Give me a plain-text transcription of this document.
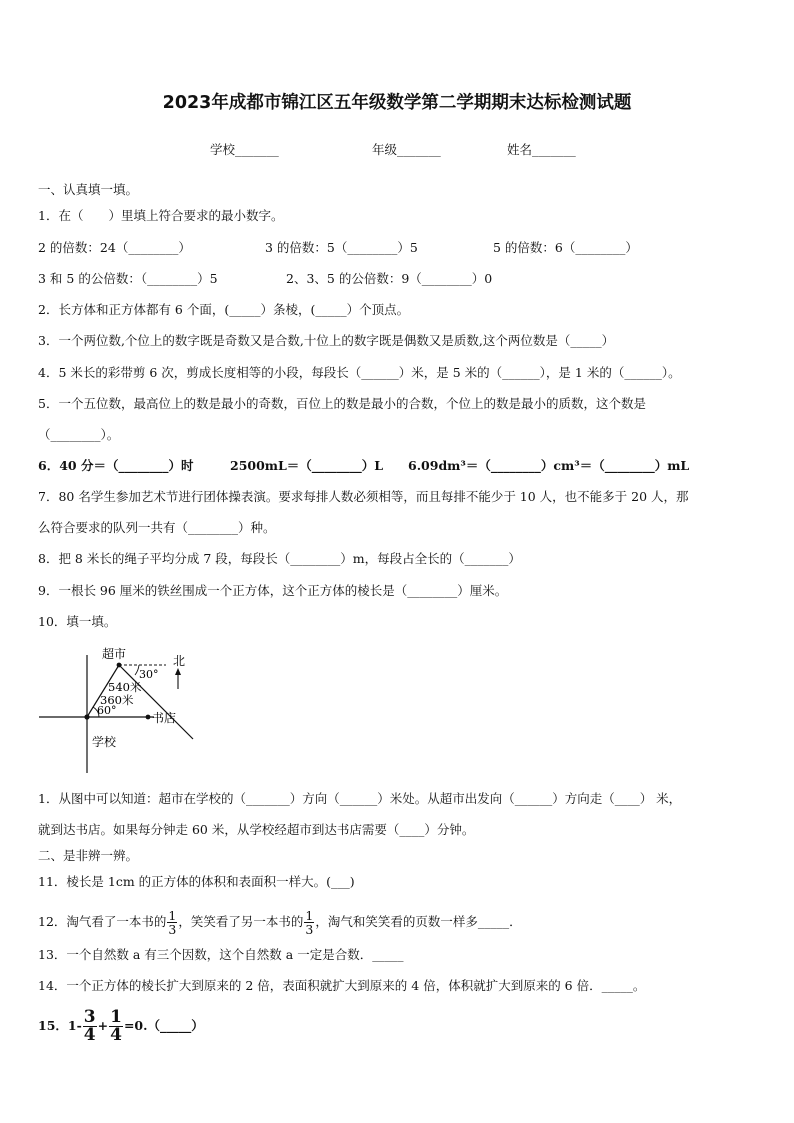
2023年成都市锦江区五年级数学第二学期期末达标检测试题
学校_______	年级_______	姓名_______
一、认真填一填。
1．在（　　）里填上符合要求的最小数字。
2 的倍数：24（________）	3 的倍数：5（________）5	5 的倍数：6（________）
3 和 5 的公倍数：（________）5	2、3、5 的公倍数：9（________）0
2．长方体和正方体都有 6 个面，(_____）条棱，(_____）个顶点。
3．一个两位数,个位上的数字既是奇数又是合数,十位上的数字既是偶数又是质数,这个两位数是（_____）
4．5 米长的彩带剪 6 次，剪成长度相等的小段，每段长（______）米，是 5 米的（______），是 1 米的（______）。
5．一个五位数，最高位上的数是最小的奇数，百位上的数是最小的合数，个位上的数是最小的质数，这个数是
（________）。
6．40 分＝（________）时	2500mL＝（________）L 6.09dm³＝（________）cm³＝（________）mL
7．80 名学生参加艺术节进行团体操表演。要求每排人数必须相等，而且每排不能少于 10 人，也不能多于 20 人，那
么符合要求的队列一共有（________）种。
8．把 8 米长的绳子平均分成 7 段，每段长（________）m，每段占全长的（_______）
9．一根长 96 厘米的铁丝围成一个正方体，这个正方体的棱长是（________）厘米。
10．填一填。
超市	北
30°
540米
360米
60°
书店
学校
1．从图中可以知道：超市在学校的（_______）方向（______）米处。从超市出发向（______）方向走（____） 米，
就到达书店。如果每分钟走 60 米，从学校经超市到达书店需要（____）分钟。
二、是非辨一辨。
11．棱长是 1cm 的正方体的体积和表面积一样大。(___)
12．淘气看了一本书的 $\frac{1}{3}$ ，笑笑看了另一本书的 $\frac{1}{3}$ ，淘气和笑笑看的页数一样多_____．
13．一个自然数 a 有三个因数，这个自然数 a 一定是合数．_____
14．一个正方体的棱长扩大到原来的 2 倍，表面积就扩大到原来的 4 倍，体积就扩大到原来的 6 倍．_____。
15．$1- \frac{3}{4} + \frac{1}{4}$ =0.（_____）
